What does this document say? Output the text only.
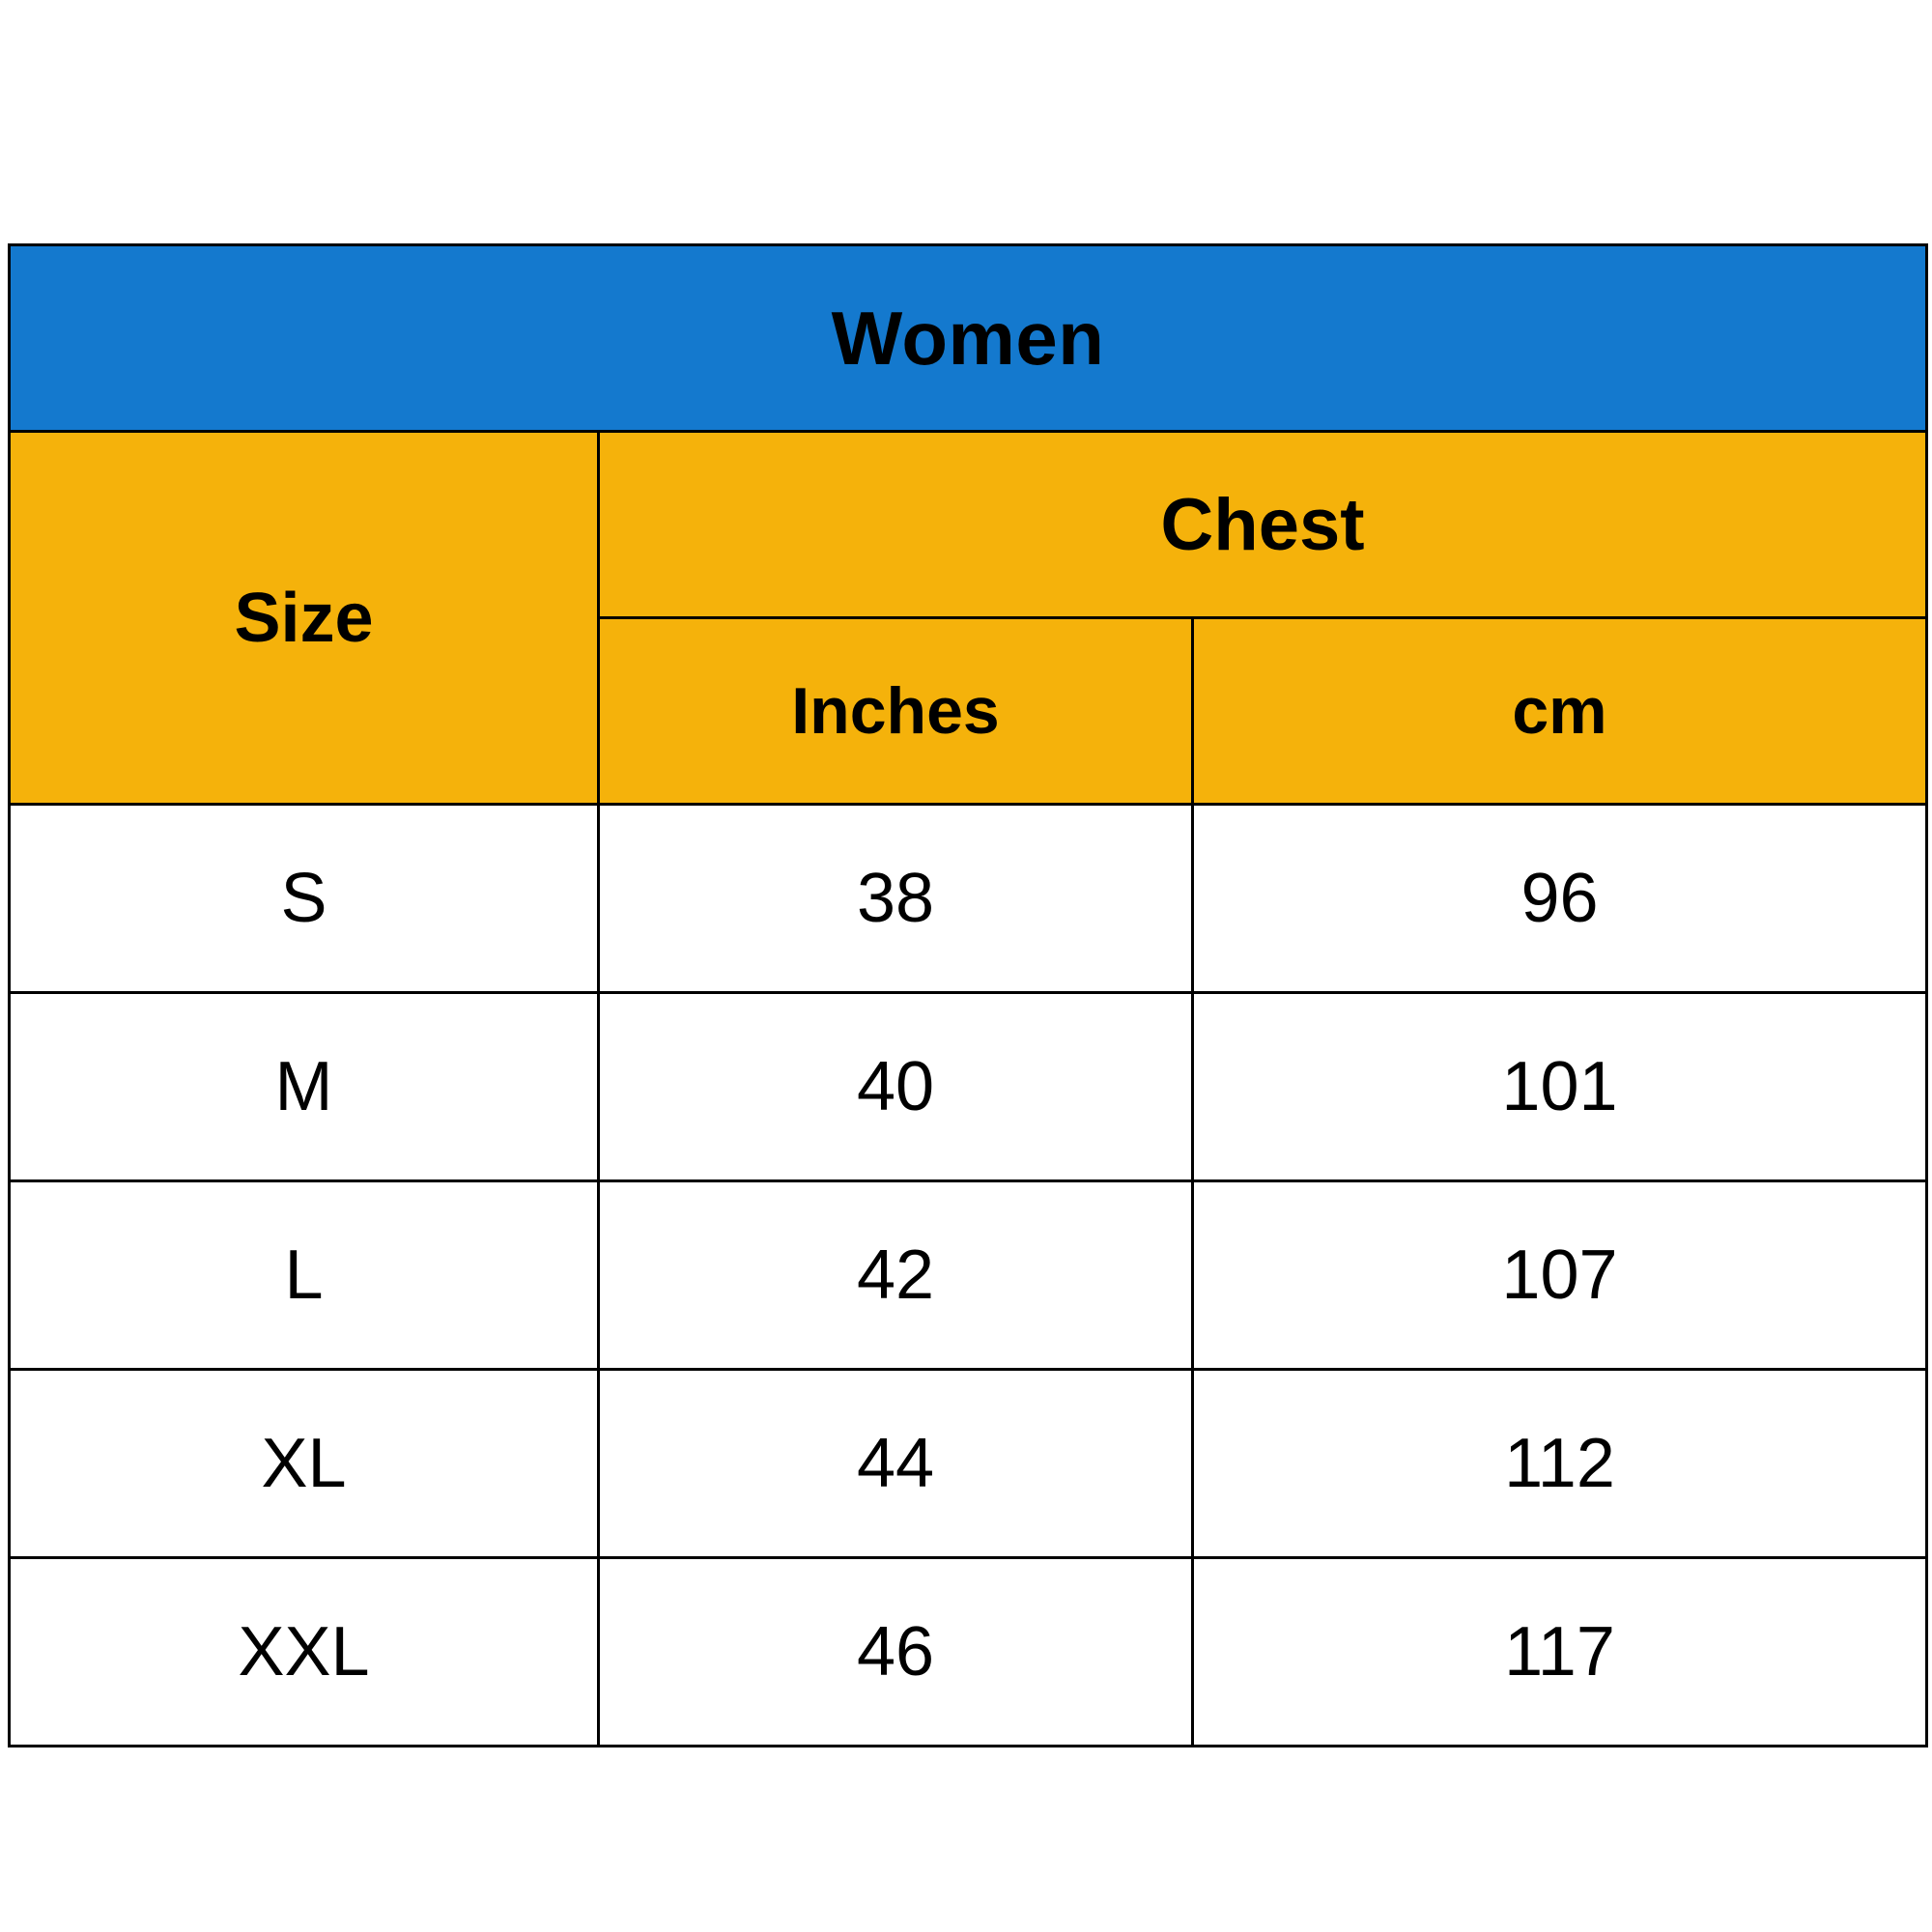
Women		
Size	Chest	
	Inches	cm
S	38	96
M	40	101
L	42	107
XL	44	112
XXL	46	117
